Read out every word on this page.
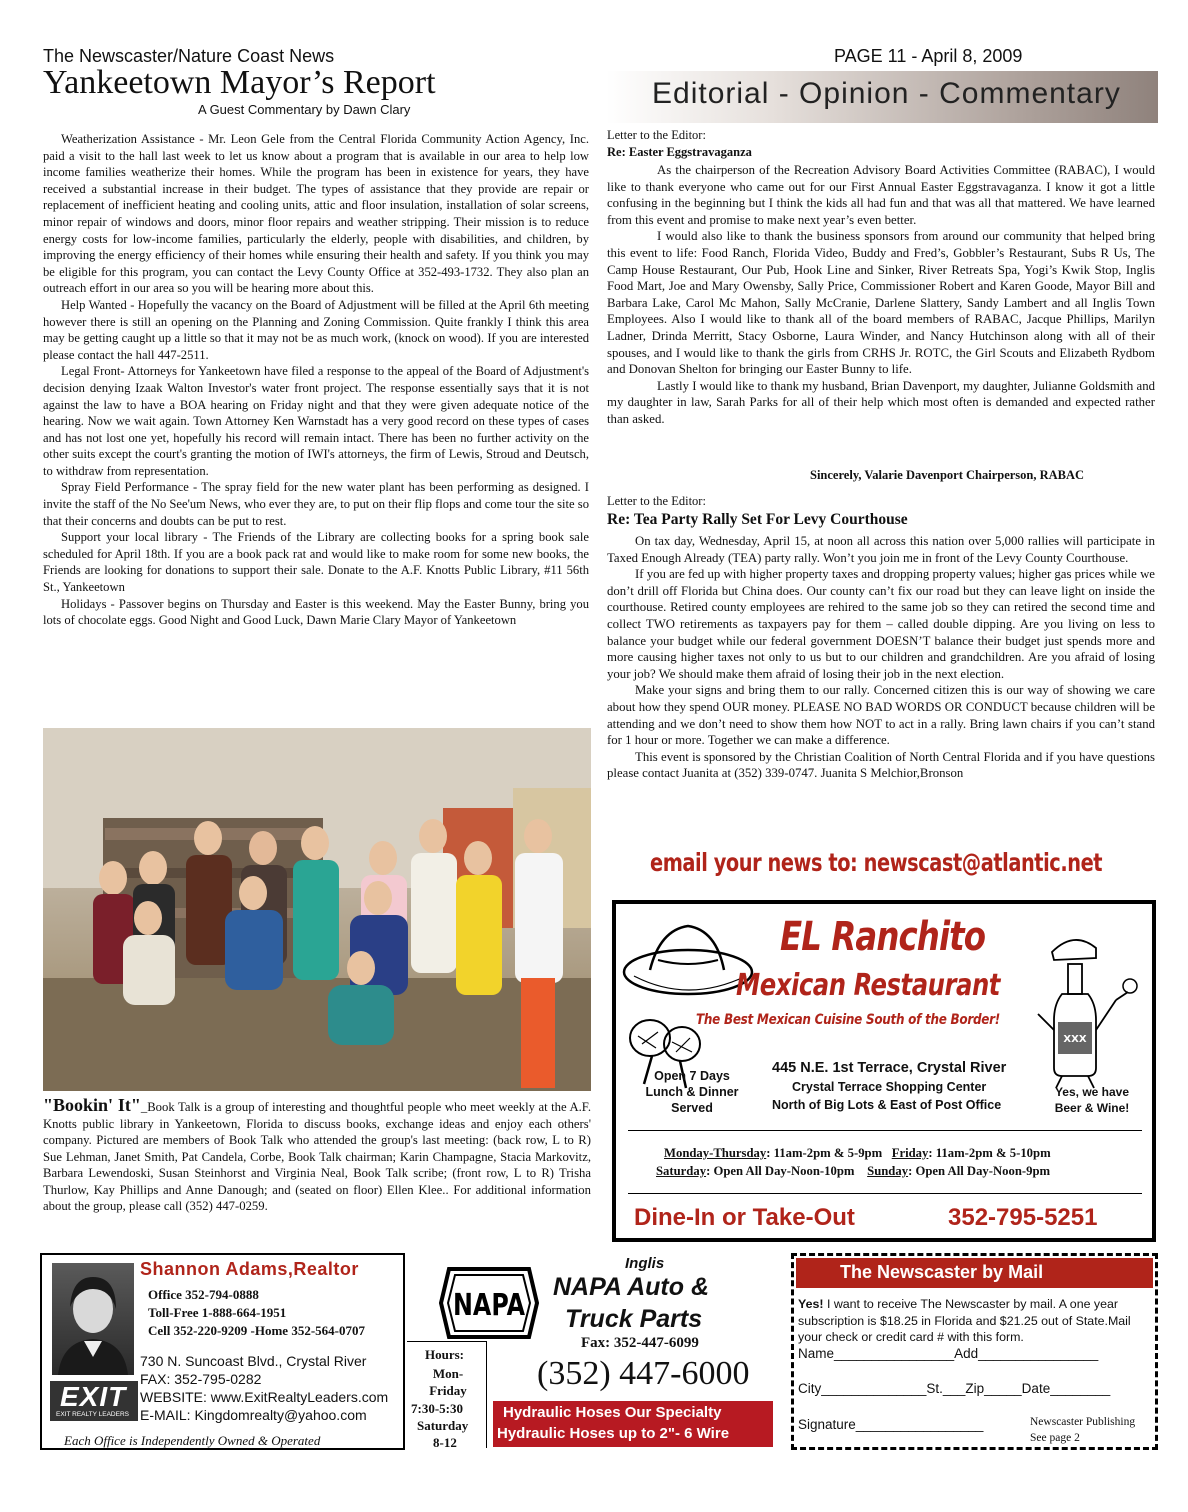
The Newscaster/Nature Coast News	PAGE 11 - April 8, 2009
Yankeetown Mayor’s Report
A Guest Commentary by Dawn Clary	Editorial - Opinion - Commentary

Weatherization Assistance - Mr. Leon Gele from the Central Florida Community Action Agency, Inc. paid a visit to the hall last week to let us know about a program that is available in our area to help low income families weatherize their homes. While the program has been in existence for years, they have received a substantial increase in their budget. The types of assistance that they provide are repair or replacement of inefficient heating and cooling units, attic and floor insulation, installation of solar screens, minor repair of windows and doors, minor floor repairs and weather stripping. Their mission is to reduce energy costs for low-income families, particularly the elderly, people with disabilities, and children, by improving the energy efficiency of their homes while ensuring their health and safety. If you think you may be eligible for this program, you can contact the Levy County Office at 352-493-1732. They also plan an outreach effort in our area so you will be hearing more about this.

Help Wanted - Hopefully the vacancy on the Board of Adjustment will be filled at the April 6th meeting however there is still an opening on the Planning and Zoning Commission. Quite frankly I think this area may be getting caught up a little so that it may not be as much work, (knock on wood). If you are interested please contact the hall 447-2511.

Legal Front- Attorneys for Yankeetown have filed a response to the appeal of the Board of Adjustment's decision denying Izaak Walton Investor's water front project. The response essentially says that it is not against the law to have a BOA hearing on Friday night and that they were given adequate notice of the hearing. Now we wait again. Town Attorney Ken Warnstadt has a very good record on these types of cases and has not lost one yet, hopefully his record will remain intact. There has been no further activity on the other suits except the court's granting the motion of IWI's attorneys, the firm of Lewis, Stroud and Deutsch, to withdraw from representation.

Spray Field Performance - The spray field for the new water plant has been performing as designed. I invite the staff of the No See'um News, who ever they are, to put on their flip flops and come tour the site so that their concerns and doubts can be put to rest.

Support your local library - The Friends of the Library are collecting books for a spring book sale scheduled for April 18th. If you are a book pack rat and would like to make room for some new books, the Friends are looking for donations to support their sale. Donate to the A.F. Knotts Public Library, #11 56th St., Yankeetown

Holidays - Passover begins on Thursday and Easter is this weekend. May the Easter Bunny, bring you lots of chocolate eggs. Good Night and Good Luck, Dawn Marie Clary Mayor of Yankeetown

"Bookin' It"_Book Talk is a group of interesting and thoughtful people who meet weekly at the A.F. Knotts public library in Yankeetown, Florida to discuss books, exchange ideas and enjoy each others' company. Pictured are members of Book Talk who attended the group's last meeting: (back row, L to R) Sue Lehman, Janet Smith, Pat Candela, Corbe, Book Talk chairman; Karin Champagne, Stacia Markovitz, Barbara Lewendoski, Susan Steinhorst and Virginia Neal, Book Talk scribe; (front row, L to R) Trisha Thurlow, Kay Phillips and Anne Danough; and (seated on floor) Ellen Klee.. For additional information about the group, please call (352) 447-0259.
Letter to the Editor:
Re: Easter Eggstravaganza

As the chairperson of the Recreation Advisory Board Activities Committee (RABAC), I would like to thank everyone who came out for our First Annual Easter Eggstravaganza. I know it got a little confusing in the beginning but I think the kids all had fun and that was all that mattered. We have learned from this event and promise to make next year’s even better.

I would also like to thank the business sponsors from around our community that helped bring this event to life: Food Ranch, Florida Video, Buddy and Fred’s, Gobbler’s Restaurant, Subs R Us, The Camp House Restaurant, Our Pub, Hook Line and Sinker, River Retreats Spa, Yogi’s Kwik Stop, Inglis Food Mart, Joe and Mary Owensby, Sally Price, Commissioner Robert and Karen Goode, Mayor Bill and Barbara Lake, Carol Mc Mahon, Sally McCranie, Darlene Slattery, Sandy Lambert and all Inglis Town Employees. Also I would like to thank all of the board members of RABAC, Jacque Phillips, Marilyn Ladner, Drinda Merritt, Stacy Osborne, Laura Winder, and Nancy Hutchinson along with all of their spouses, and I would like to thank the girls from CRHS Jr. ROTC, the Girl Scouts and Elizabeth Rydbom and Donovan Shelton for bringing our Easter Bunny to life.

Lastly I would like to thank my husband, Brian Davenport, my daughter, Julianne Goldsmith and my daughter in law, Sarah Parks for all of their help which most often is demanded and expected rather than asked.

Sincerely, Valarie Davenport Chairperson, RABAC
Letter to the Editor:
Re: Tea Party Rally Set For Levy Courthouse

On tax day, Wednesday, April 15, at noon all across this nation over 5,000 rallies will participate in Taxed Enough Already (TEA) party rally. Won’t you join me in front of the Levy County Courthouse.

If you are fed up with higher property taxes and dropping property values; higher gas prices while we don’t drill off Florida but China does. Our county can’t fix our road but they can leave light on inside the courthouse. Retired county employees are rehired to the same job so they can retired the second time and collect TWO retirements as taxpayers pay for them – called double dipping. Are you living on less to balance your budget while our federal government DOESN’T balance their budget just spends more and more causing higher taxes not only to us but to our children and grandchildren. Are you afraid of losing your job? We should make them afraid of losing their job in the next election.

Make your signs and bring them to our rally. Concerned citizen this is our way of showing we care about how they spend OUR money. PLEASE NO BAD WORDS OR CONDUCT because children will be attending and we don’t need to show them how NOT to act in a rally. Bring lawn chairs if you can’t stand for 1 hour or more. Together we can make a difference.

This event is sponsored by the Christian Coalition of North Central Florida and if you have questions please contact Juanita at (352) 339-0747. Juanita S Melchior,Bronson

email your news to: newscast@atlantic.net
XXX
EL Ranchito
Mexican Restaurant
The Best Mexican Cuisine South of the Border!
Open 7 Days Lunch & Dinner Served
445 N.E. 1st Terrace, Crystal River
Crystal Terrace Shopping Center
North of Big Lots & East of Post Office
Yes, we have Beer & Wine!
Monday-Thursday: 11am-2pm & 5-9pm Friday: 11am-2pm & 5-10pm
Saturday: Open All Day-Noon-10pm Sunday: Open All Day-Noon-9pm
Dine-In or Take-Out	352-795-5251
EXIT
EXIT REALTY LEADERS
Shannon Adams,Realtor
Office 352-794-0888
Toll-Free 1-888-664-1951
Cell 352-220-9209 -Home 352-564-0707
730 N. Suncoast Blvd., Crystal River
FAX: 352-795-0282
WEBSITE: www.ExitRealtyLeaders.com
E-MAIL: Kingdomrealty@yahoo.com
Each Office is Independently Owned & Operated
Inglis
NAPA
NAPA Auto &
Truck Parts
Fax: 352-447-6099
(352) 447-6000
Hours:
Mon-Friday
7:30-5:30
Saturday
8-12
Hydraulic Hoses Our Specialty
Hydraulic Hoses up to 2"- 6 Wire
The Newscaster by Mail
Yes! I want to receive The Newscaster by mail. A one year subscription is $18.25 in Florida and $21.25 out of State.Mail your check or credit card # with this form.
Name________________Add________________
City______________St.___Zip_____Date________
Signature_________________	Newscaster Publishing
See page 2
